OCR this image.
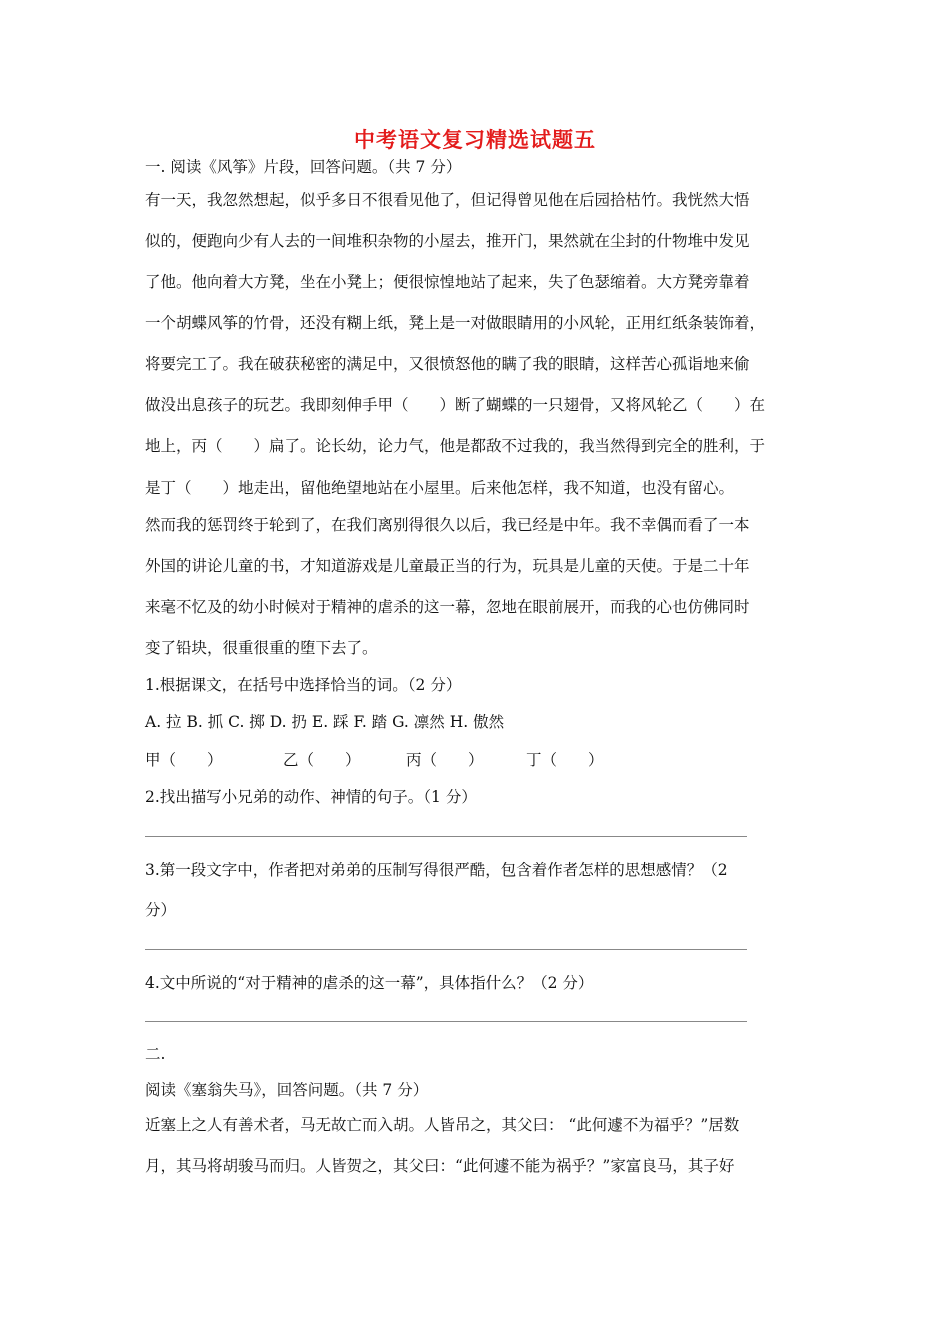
中考语文复习精选试题五
一. 阅读《风筝》片段，回答问题。（共 7 分）
有一天，我忽然想起，似乎多日不很看见他了，但记得曾见他在后园拾枯竹。我恍然大悟
似的，便跑向少有人去的一间堆积杂物的小屋去，推开门，果然就在尘封的什物堆中发见
了他。他向着大方凳，坐在小凳上；便很惊惶地站了起来，失了色瑟缩着。大方凳旁靠着
一个胡蝶风筝的竹骨，还没有糊上纸，凳上是一对做眼睛用的小风轮，正用红纸条装饰着，
将要完工了。我在破获秘密的满足中，又很愤怒他的瞒了我的眼睛，这样苦心孤诣地来偷
做没出息孩子的玩艺。我即刻伸手甲（　　）断了蝴蝶的一只翅骨，又将风轮乙（　　）在
地上，丙（　　）扁了。论长幼，论力气，他是都敌不过我的，我当然得到完全的胜利，于
是丁（　　）地走出，留他绝望地站在小屋里。后来他怎样，我不知道，也没有留心。
然而我的惩罚终于轮到了，在我们离别得很久以后，我已经是中年。我不幸偶而看了一本
外国的讲论儿童的书，才知道游戏是儿童最正当的行为，玩具是儿童的天使。于是二十年
来毫不忆及的幼小时候对于精神的虐杀的这一幕，忽地在眼前展开，而我的心也仿佛同时
变了铅块，很重很重的堕下去了。
1.根据课文，在括号中选择恰当的词。（2 分）
A. 拉 B. 抓 C. 掷 D. 扔 E. 踩 F. 踏 G. 凛然 H. 傲然
甲（　　）	乙（　　）	丙（　　）	丁（　　）
2.找出描写小兄弟的动作、神情的句子。（1 分）
3.第一段文字中，作者把对弟弟的压制写得很严酷，包含着作者怎样的思想感情？（2
分）
4.文中所说的“对于精神的虐杀的这一幕”，具体指什么？（2 分）
二.
阅读《塞翁失马》，回答问题。（共 7 分）
近塞上之人有善术者，马无故亡而入胡。人皆吊之，其父曰： “此何遽不为福乎？”居数
月，其马将胡骏马而归。人皆贺之，其父曰：“此何遽不能为祸乎？”家富良马，其子好
